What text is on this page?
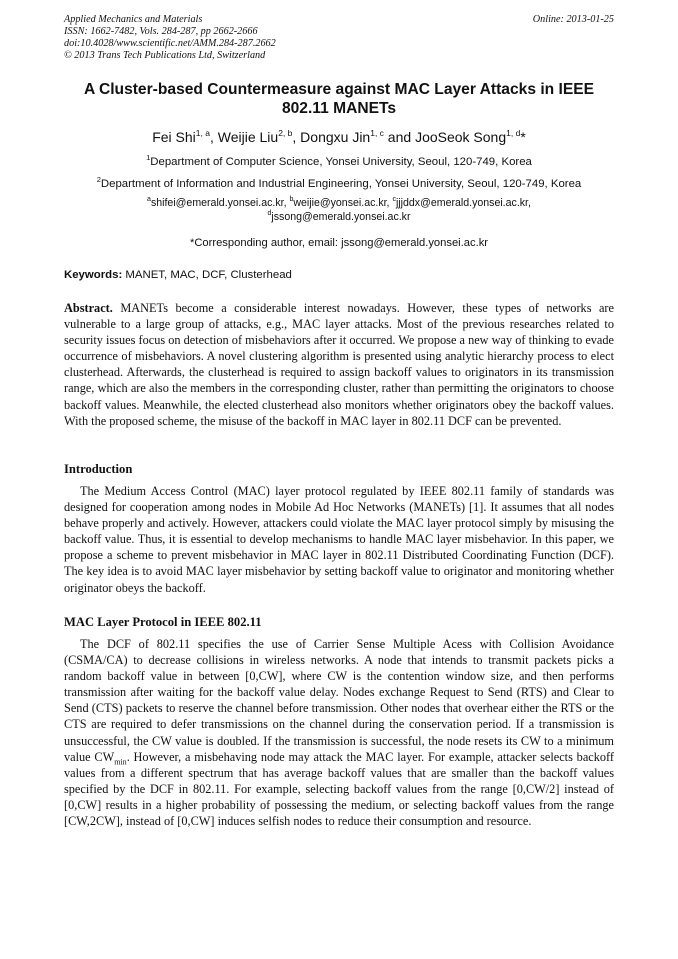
Applied Mechanics and Materials
ISSN: 1662-7482, Vols. 284-287, pp 2662-2666
doi:10.4028/www.scientific.net/AMM.284-287.2662
© 2013 Trans Tech Publications Ltd, Switzerland
Online: 2013-01-25
A Cluster-based Countermeasure against MAC Layer Attacks in IEEE 802.11 MANETs
Fei Shi$^{1, a}$, Weijie Liu$^{2, b}$, Dongxu Jin$^{1, c}$ and JooSeok Song$^{1, d}$*
$^1$Department of Computer Science, Yonsei University, Seoul, 120-749, Korea
$^2$Department of Information and Industrial Engineering, Yonsei University, Seoul, 120-749, Korea
$^a$shifei@emerald.yonsei.ac.kr, $^b$weijie@yonsei.ac.kr, $^c$jjjddx@emerald.yonsei.ac.kr, $^d$jssong@emerald.yonsei.ac.kr
*Corresponding author, email: jssong@emerald.yonsei.ac.kr
Keywords: MANET, MAC, DCF, Clusterhead

Abstract. MANETs become a considerable interest nowadays. However, these types of networks are vulnerable to a large group of attacks, e.g., MAC layer attacks. Most of the previous researches related to security issues focus on detection of misbehaviors after it occurred. We propose a new way of thinking to evade occurrence of misbehaviors. A novel clustering algorithm is presented using analytic hierarchy process to elect clusterhead. Afterwards, the clusterhead is required to assign backoff values to originators in its transmission range, which are also the members in the corresponding cluster, rather than permitting the originators to choose backoff values. Meanwhile, the elected clusterhead also monitors whether originators obey the backoff values. With the proposed scheme, the misuse of the backoff in MAC layer in 802.11 DCF can be prevented.

Introduction

The Medium Access Control (MAC) layer protocol regulated by IEEE 802.11 family of standards was designed for cooperation among nodes in Mobile Ad Hoc Networks (MANETs) [1]. It assumes that all nodes behave properly and actively. However, attackers could violate the MAC layer protocol simply by misusing the backoff value. Thus, it is essential to develop mechanisms to handle MAC layer misbehavior. In this paper, we propose a scheme to prevent misbehavior in MAC layer in 802.11 Distributed Coordinating Function (DCF). The key idea is to avoid MAC layer misbehavior by setting backoff value to originator and monitoring whether originator obeys the backoff.

MAC Layer Protocol in IEEE 802.11

The DCF of 802.11 specifies the use of Carrier Sense Multiple Acess with Collision Avoidance (CSMA/CA) to decrease collisions in wireless networks. A node that intends to transmit packets picks a random backoff value in between [0,CW], where CW is the contention window size, and then performs transmission after waiting for the backoff value delay. Nodes exchange Request to Send (RTS) and Clear to Send (CTS) packets to reserve the channel before transmission. Other nodes that overhear either the RTS or the CTS are required to defer transmissions on the channel during the conservation period. If a transmission is unsuccessful, the CW value is doubled. If the transmission is successful, the node resets its CW to a minimum value $CW_{min}$. However, a misbehaving node may attack the MAC layer. For example, attacker selects backoff values from a different spectrum that has average backoff values that are smaller than the backoff values specified by the DCF in 802.11. For example, selecting backoff values from the range [0,CW/2] instead of [0,CW] results in a higher probability of possessing the medium, or selecting backoff values from the range [CW,2CW], instead of [0,CW] induces selfish nodes to reduce their consumption and resource.
